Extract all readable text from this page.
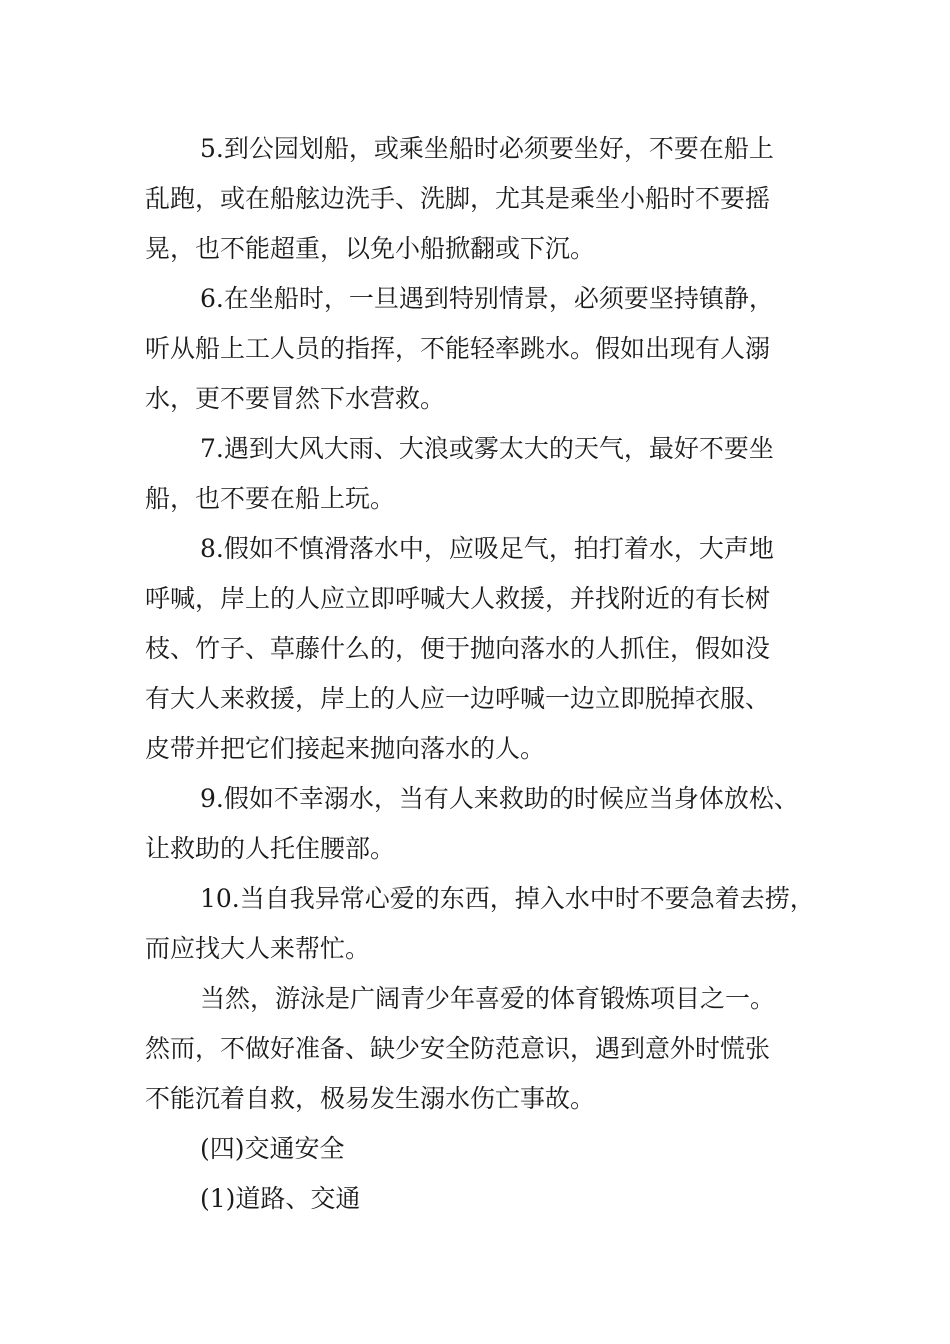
5.到公园划船，或乘坐船时必须要坐好，不要在船上
乱跑，或在船舷边洗手、洗脚，尤其是乘坐小船时不要摇
晃，也不能超重，以免小船掀翻或下沉。
6.在坐船时，一旦遇到特别情景，必须要坚持镇静，
听从船上工人员的指挥，不能轻率跳水。假如出现有人溺
水，更不要冒然下水营救。
7.遇到大风大雨、大浪或雾太大的天气，最好不要坐
船，也不要在船上玩。
8.假如不慎滑落水中，应吸足气，拍打着水，大声地
呼喊，岸上的人应立即呼喊大人救援，并找附近的有长树
枝、竹子、草藤什么的，便于抛向落水的人抓住，假如没
有大人来救援，岸上的人应一边呼喊一边立即脱掉衣服、
皮带并把它们接起来抛向落水的人。
9.假如不幸溺水，当有人来救助的时候应当身体放松、
让救助的人托住腰部。
10.当自我异常心爱的东西，掉入水中时不要急着去捞，
而应找大人来帮忙。
当然，游泳是广阔青少年喜爱的体育锻炼项目之一。
然而，不做好准备、缺少安全防范意识，遇到意外时慌张
不能沉着自救，极易发生溺水伤亡事故。
(四)交通安全
(1)道路、交通
